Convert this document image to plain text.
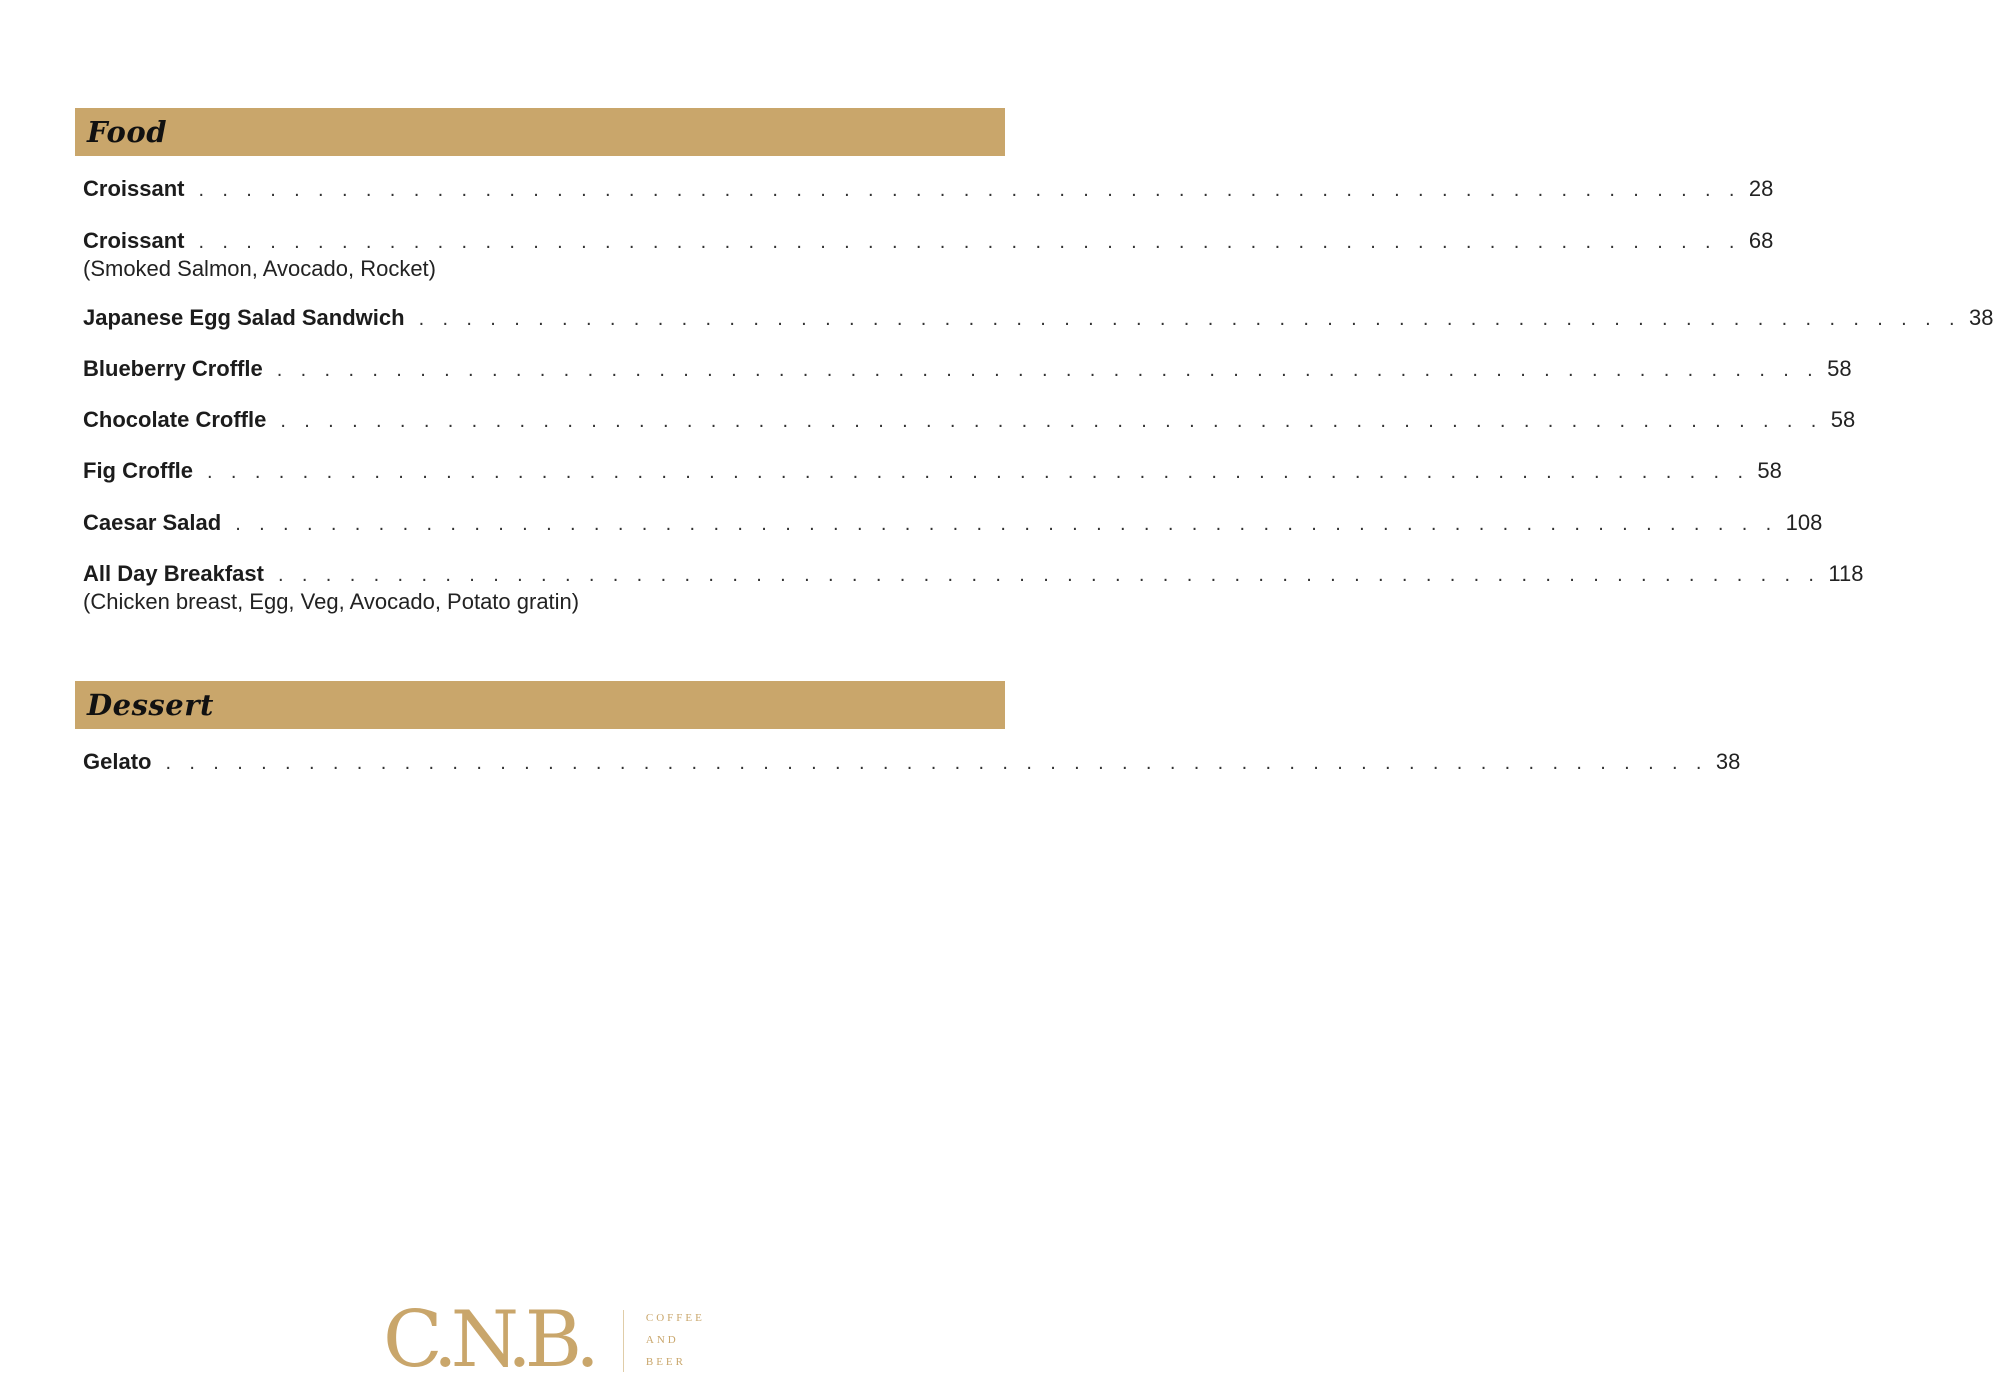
Food
Croissant . . . . . . . . . . . . . . . . . . . . . . . . . . . . . . . . . . . . . . . . . . . . . . . . . . . . . . . . . . . . . . . . . 28
Croissant . . . . . . . . . . . . . . . . . . . . . . . . . . . . . . . . . . . . . . . . . . . . . . . . . . . . . . . . . . . . . . . . . 68
(Smoked Salmon, Avocado, Rocket)
Japanese Egg Salad Sandwich . . . . . . . . . . . . . . . . . . . . . . . . . . . . . . . . . . . . . . . . . . . . . . . . . . . . . . . . . . . . . . . . . 38
Blueberry Croffle . . . . . . . . . . . . . . . . . . . . . . . . . . . . . . . . . . . . . . . . . . . . . . . . . . . . . . . . . . . . . . . . . 58
Chocolate Croffle . . . . . . . . . . . . . . . . . . . . . . . . . . . . . . . . . . . . . . . . . . . . . . . . . . . . . . . . . . . . . . . . . 58
Fig Croffle . . . . . . . . . . . . . . . . . . . . . . . . . . . . . . . . . . . . . . . . . . . . . . . . . . . . . . . . . . . . . . . . . 58
Caesar Salad . . . . . . . . . . . . . . . . . . . . . . . . . . . . . . . . . . . . . . . . . . . . . . . . . . . . . . . . . . . . . . . . . 108
All Day Breakfast . . . . . . . . . . . . . . . . . . . . . . . . . . . . . . . . . . . . . . . . . . . . . . . . . . . . . . . . . . . . . . . . . 118
(Chicken breast, Egg, Veg, Avocado, Potato gratin)
Dessert
Gelato . . . . . . . . . . . . . . . . . . . . . . . . . . . . . . . . . . . . . . . . . . . . . . . . . . . . . . . . . . . . . . . . . 38
C.N.B.	COFFEE
AND
BEER
